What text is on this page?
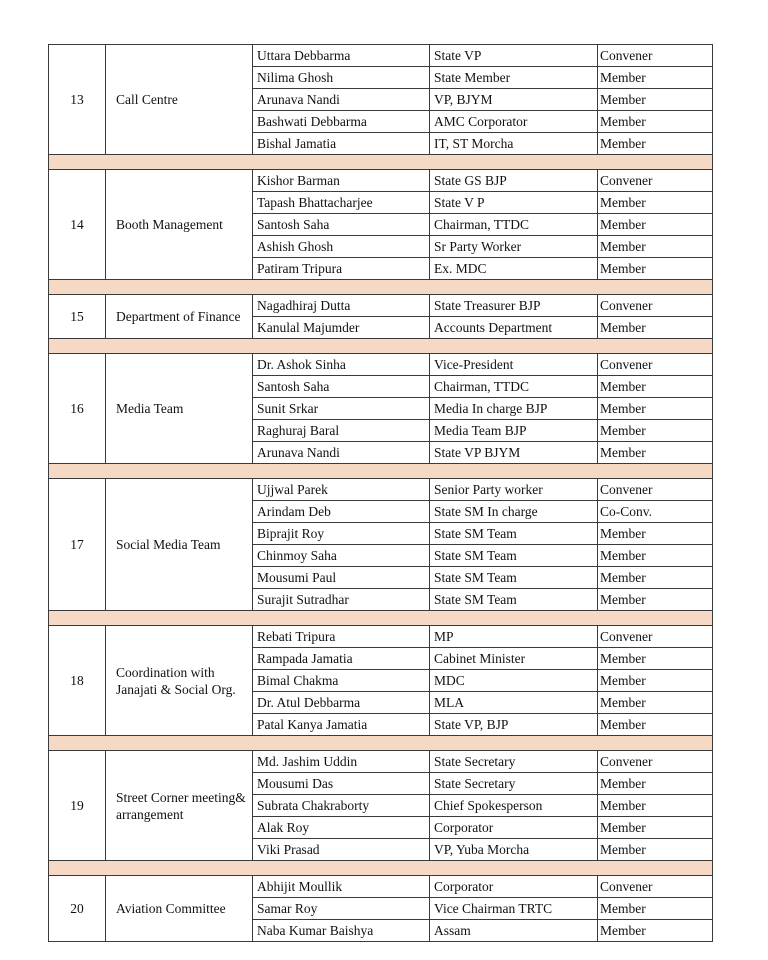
13	Call Centre	Uttara Debbarma	State VP	Convener
		Nilima Ghosh	State Member	Member
		Arunava Nandi	VP, BJYM	Member
		Bashwati Debbarma	AMC Corporator	Member
		Bishal Jamatia	IT, ST Morcha	Member

14	Booth Management	Kishor Barman	State GS BJP	Convener
		Tapash Bhattacharjee	State V P	Member
		Santosh Saha	Chairman, TTDC	Member
		Ashish Ghosh	Sr Party Worker	Member
		Patiram Tripura	Ex. MDC	Member

15	Department of Finance	Nagadhiraj Dutta	State Treasurer BJP	Convener
		Kanulal Majumder	Accounts Department	Member

16	Media Team	Dr. Ashok Sinha	Vice-President	Convener
		Santosh Saha	Chairman, TTDC	Member
		Sunit Srkar	Media In charge BJP	Member
		Raghuraj Baral	Media Team BJP	Member
		Arunava Nandi	State VP BJYM	Member

17	Social Media Team	Ujjwal Parek	Senior Party worker	Convener
		Arindam Deb	State SM In charge	Co-Conv.
		Biprajit Roy	State SM Team	Member
		Chinmoy Saha	State SM Team	Member
		Mousumi Paul	State SM Team	Member
		Surajit Sutradhar	State SM Team	Member

18	Coordination with Janajati & Social Org.	Rebati Tripura	MP	Convener
		Rampada Jamatia	Cabinet Minister	Member
		Bimal Chakma	MDC	Member
		Dr. Atul Debbarma	MLA	Member
		Patal Kanya Jamatia	State VP, BJP	Member

19	Street Corner meeting& arrangement	Md. Jashim Uddin	State Secretary	Convener
		Mousumi Das	State Secretary	Member
		Subrata Chakraborty	Chief Spokesperson	Member
		Alak Roy	Corporator	Member
		Viki Prasad	VP, Yuba Morcha	Member

20	Aviation Committee	Abhijit Moullik	Corporator	Convener
		Samar Roy	Vice Chairman TRTC	Member
		Naba Kumar Baishya	Assam	Member
